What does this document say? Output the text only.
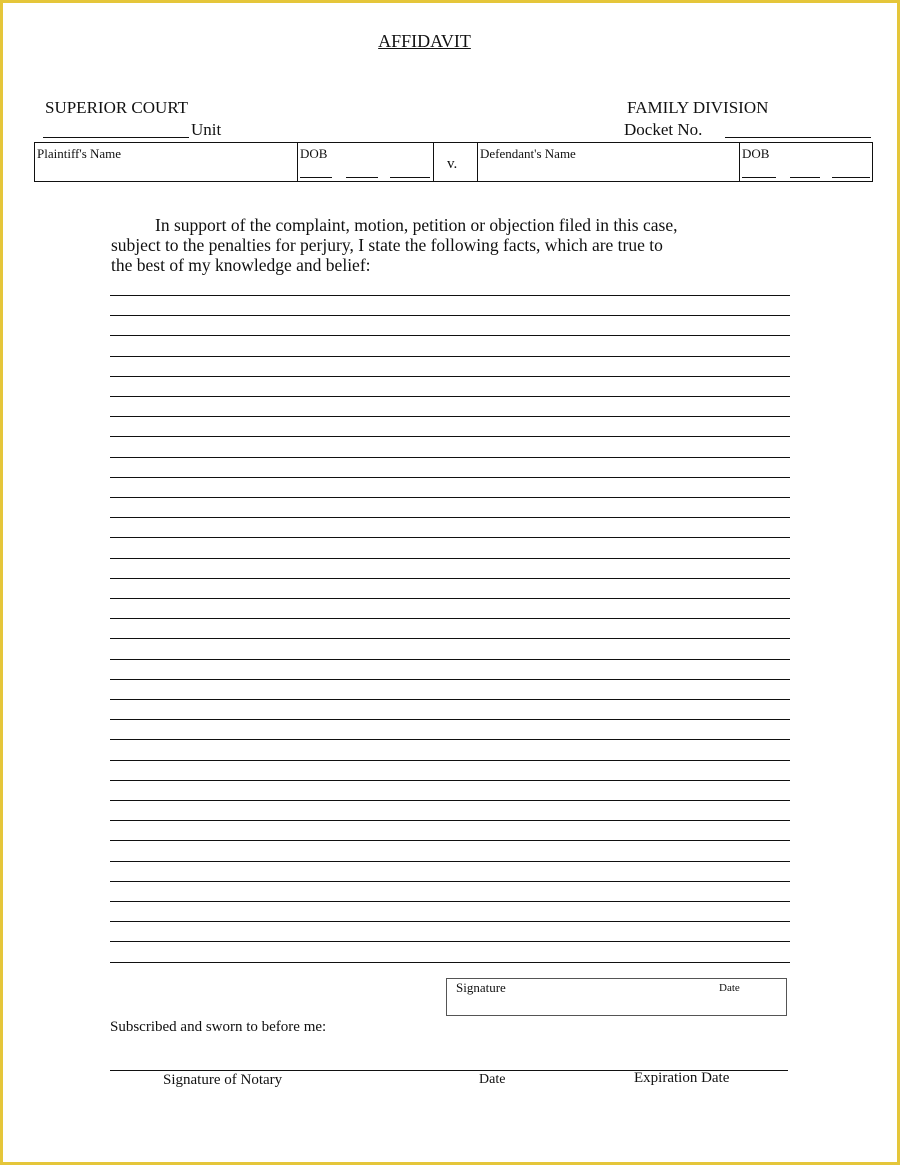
AFFIDAVIT
SUPERIOR COURT
Unit
FAMILY DIVISION
Docket No.
Plaintiff's Name	DOB
v.
Defendant's Name	DOB
In support of the complaint, motion, petition or objection filed in this case,
subject to the penalties for perjury, I state the following facts, which are true to
the best of my knowledge and belief:
Signature	Date
Subscribed and sworn to before me:
Signature of Notary	Date	Expiration Date
